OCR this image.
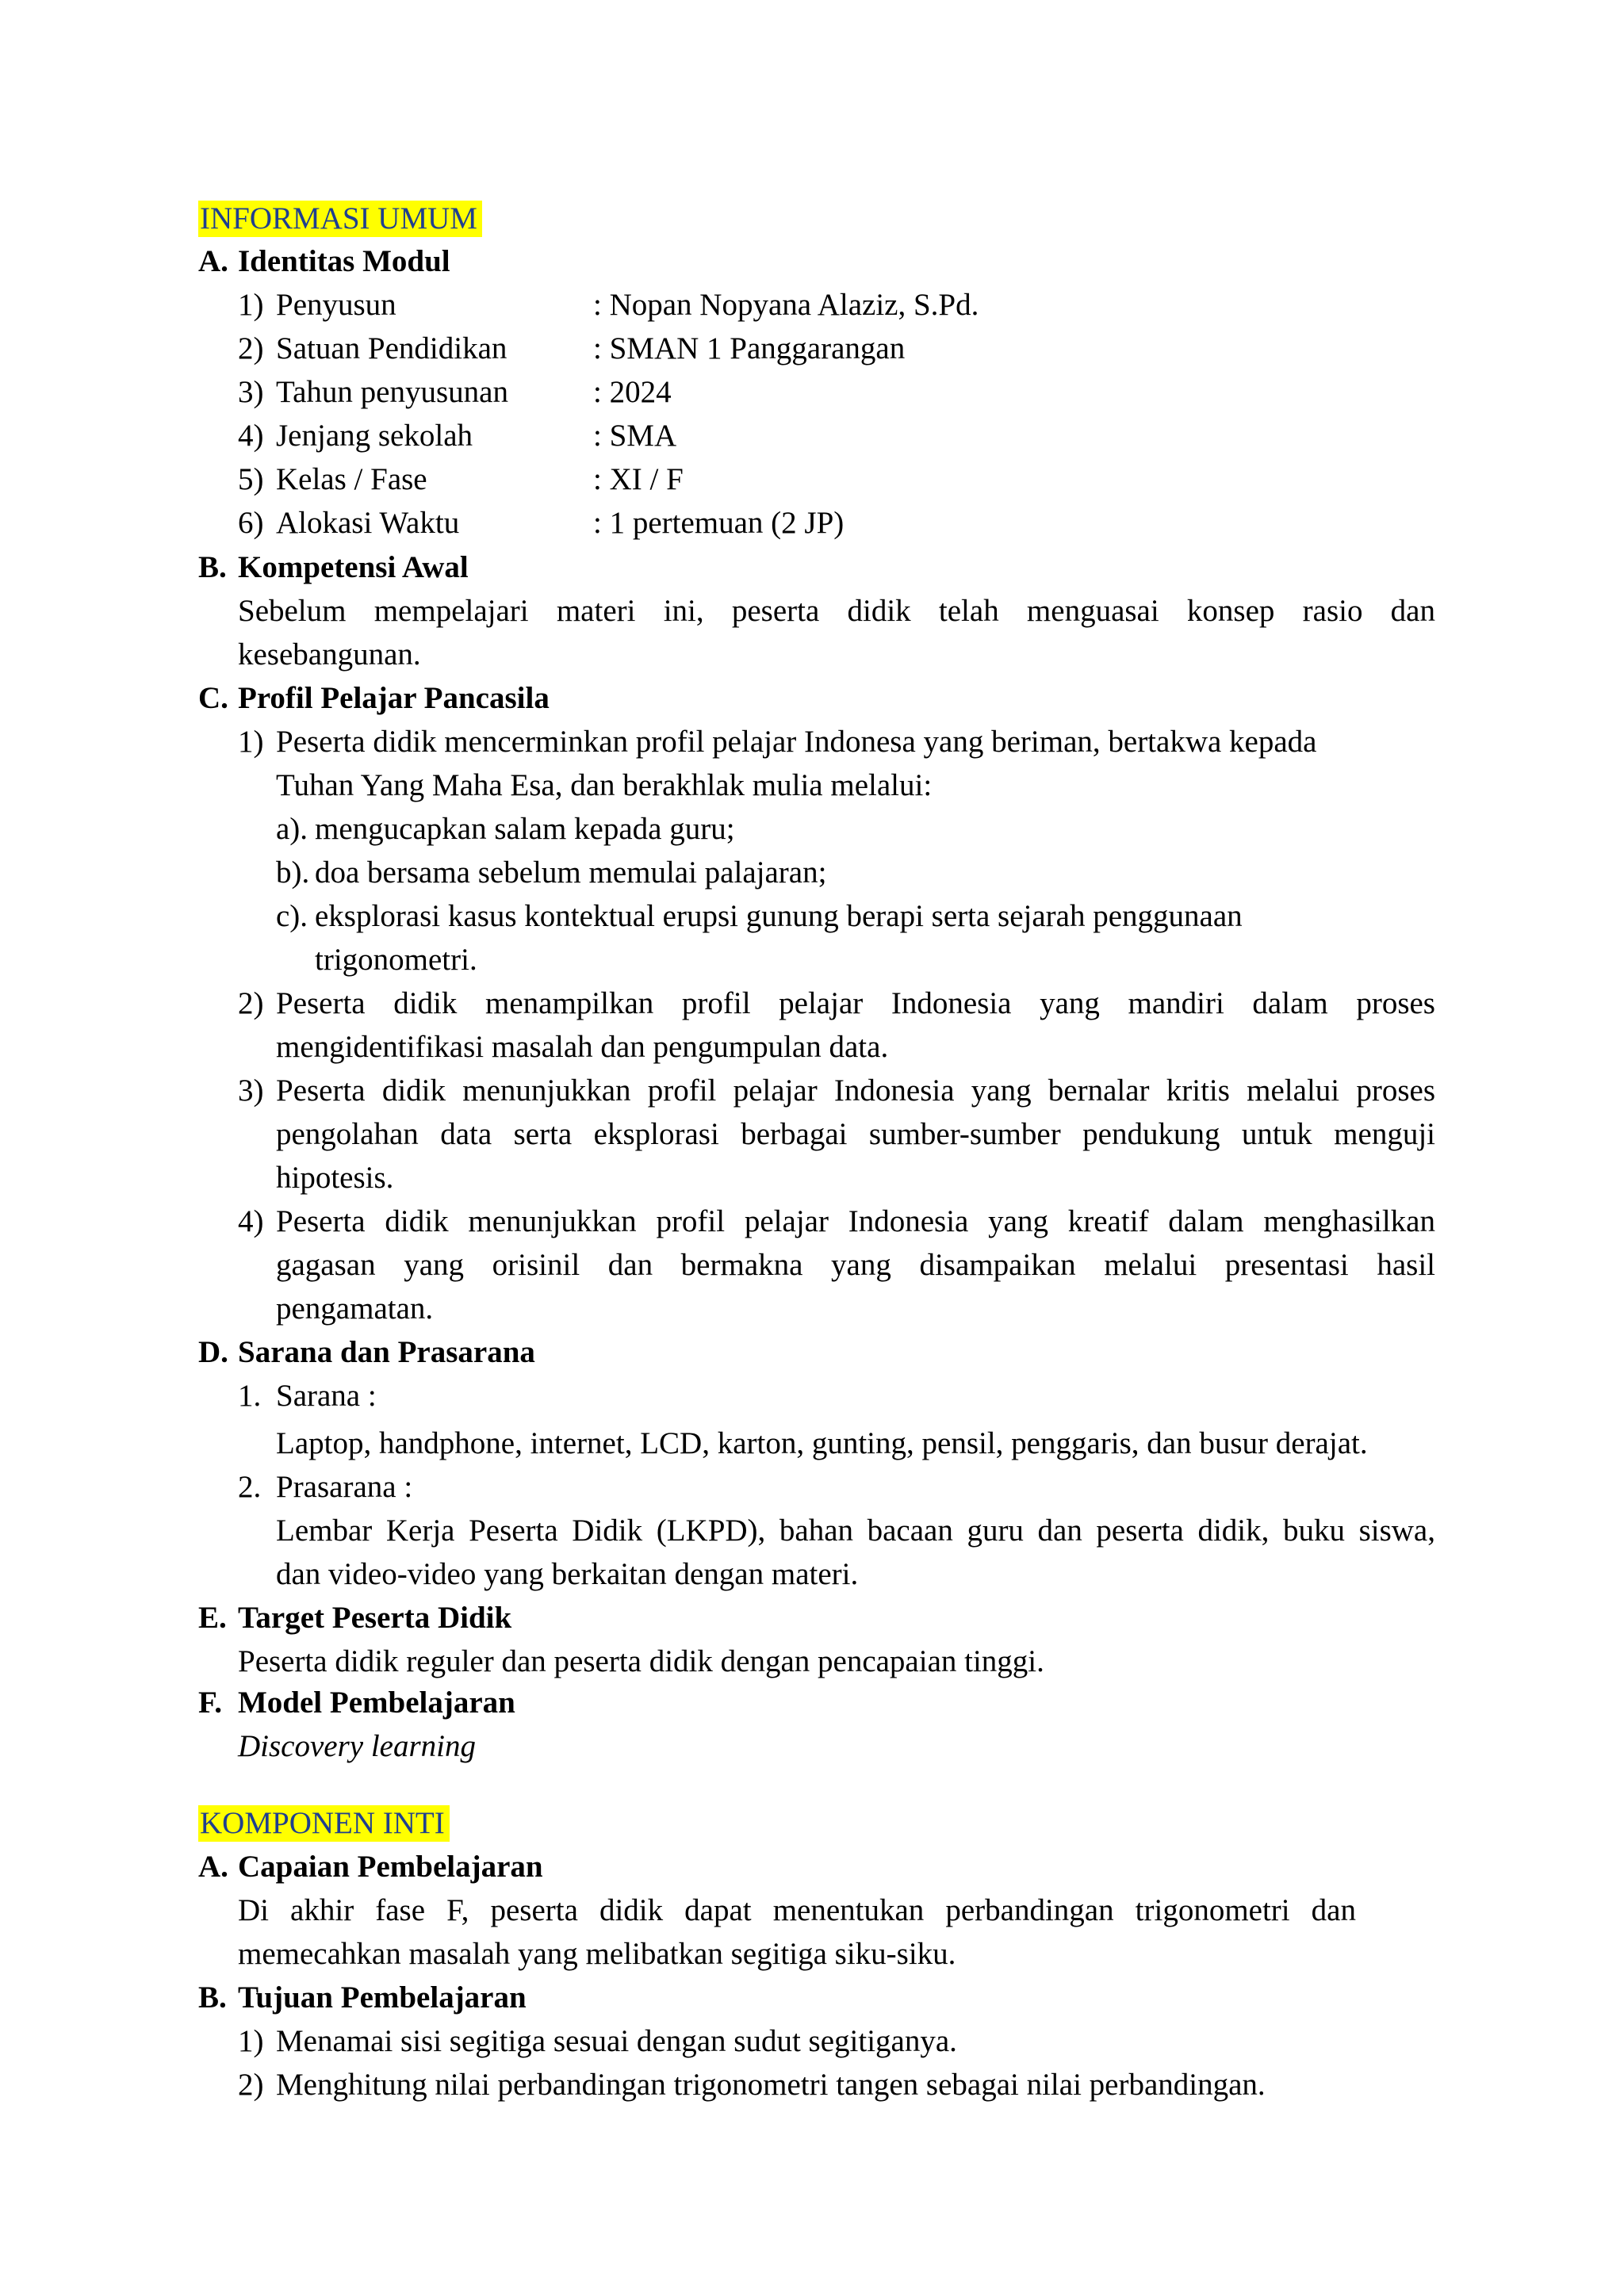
INFORMASI UMUM
A. Identitas Modul
1) Penyusun	: Nopan Nopyana Alaziz, S.Pd.
2) Satuan Pendidikan	: SMAN 1 Panggarangan
3) Tahun penyusunan	: 2024
4) Jenjang sekolah	: SMA
5) Kelas / Fase	: XI / F
6) Alokasi Waktu	: 1 pertemuan (2 JP)
B. Kompetensi Awal
Sebelum mempelajari materi ini, peserta didik telah menguasai konsep rasio dan
kesebangunan.
C. Profil Pelajar Pancasila
1) Peserta didik mencerminkan profil pelajar Indonesa yang beriman, bertakwa kepada
Tuhan Yang Maha Esa, dan berakhlak mulia melalui:
a). mengucapkan salam kepada guru;
b). doa bersama sebelum memulai palajaran;
c). eksplorasi kasus kontektual erupsi gunung berapi serta sejarah penggunaan
trigonometri.
2) Peserta didik menampilkan profil pelajar Indonesia yang mandiri dalam proses
mengidentifikasi masalah dan pengumpulan data.
3) Peserta didik menunjukkan profil pelajar Indonesia yang bernalar kritis melalui proses
pengolahan data serta eksplorasi berbagai sumber-sumber pendukung untuk menguji
hipotesis.
4) Peserta didik menunjukkan profil pelajar Indonesia yang kreatif dalam menghasilkan
gagasan yang orisinil dan bermakna yang disampaikan melalui presentasi hasil
pengamatan.
D. Sarana dan Prasarana
1. Sarana :
Laptop, handphone, internet, LCD, karton, gunting, pensil, penggaris, dan busur derajat.
2. Prasarana :
Lembar Kerja Peserta Didik (LKPD), bahan bacaan guru dan peserta didik, buku siswa,
dan video-video yang berkaitan dengan materi.
E. Target Peserta Didik
Peserta didik reguler dan peserta didik dengan pencapaian tinggi.
F. Model Pembelajaran
Discovery learning
KOMPONEN INTI
A. Capaian Pembelajaran
Di akhir fase F, peserta didik dapat menentukan perbandingan trigonometri dan
memecahkan masalah yang melibatkan segitiga siku-siku.
B. Tujuan Pembelajaran
1) Menamai sisi segitiga sesuai dengan sudut segitiganya.
2) Menghitung nilai perbandingan trigonometri tangen sebagai nilai perbandingan.
